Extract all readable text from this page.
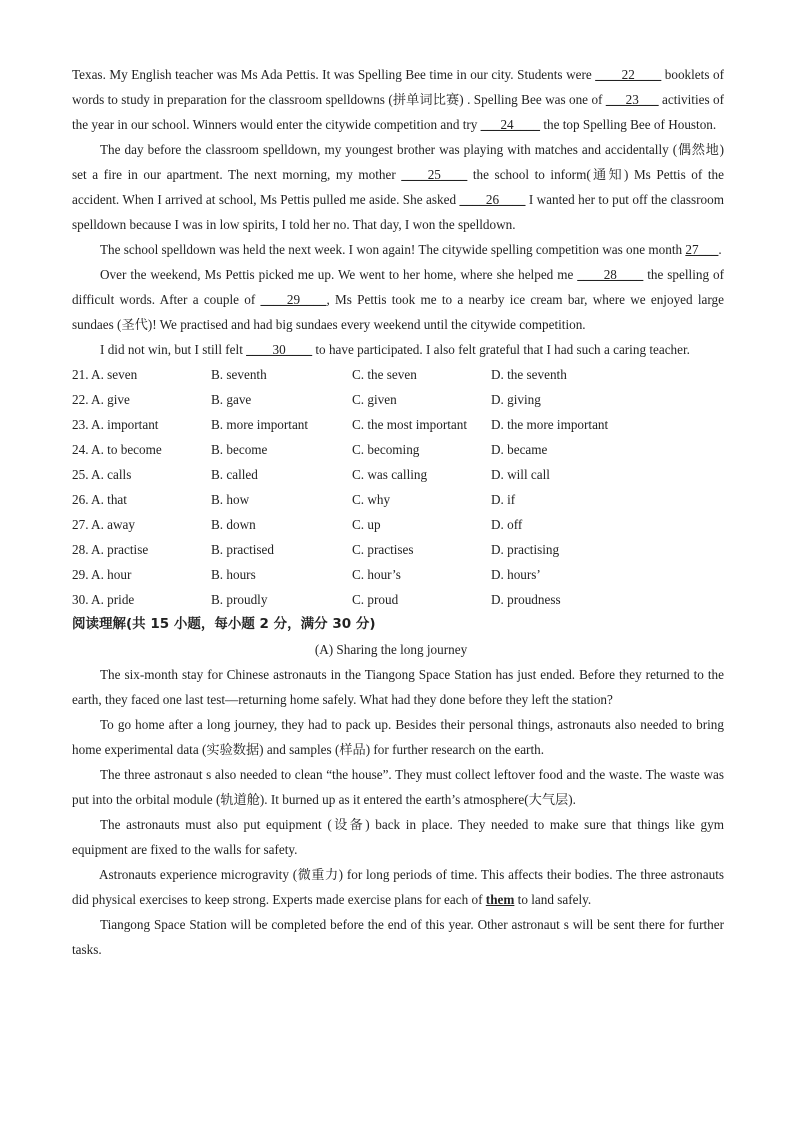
Texas. My English teacher was Ms Ada Pettis. It was Spelling Bee time in our city. Students were ____22____ booklets of words to study in preparation for the classroom spelldowns (拼单词比赛) . Spelling Bee was one of ___23___ activities of the year in our school. Winners would enter the citywide competition and try ___24____ the top Spelling Bee of Houston.

The day before the classroom spelldown, my youngest brother was playing with matches and accidentally (偶然地) set a fire in our apartment. The next morning, my mother ____25____ the school to inform(通知) Ms Pettis of the accident. When I arrived at school, Ms Pettis pulled me aside. She asked ____26____ I wanted her to put off the classroom spelldown because I was in low spirits, I told her no. That day, I won the spelldown.

The school spelldown was held the next week. I won again! The citywide spelling competition was one month 27___.

Over the weekend, Ms Pettis picked me up. We went to her home, where she helped me ____28____ the spelling of difficult words. After a couple of ____29____, Ms Pettis took me to a nearby ice cream bar, where we enjoyed large sundaes (圣代)! We practised and had big sundaes every weekend until the citywide competition.

I did not win, but I still felt ____30____ to have participated. I also felt grateful that I had such a caring teacher.

21. A. seven	B. seventh	C. the seven	D. the seventh
22. A. give	B. gave	C. given	D. giving
23. A. important	B. more important	C. the most important D. the more important
24. A. to become	B. become	C. becoming	D. became
25. A. calls	B. called	C. was calling	D. will call
26. A. that	B. how	C. why	D. if
27. A. away	B. down	C. up	D. off
28. A. practise	B. practised	C. practises	D. practising
29. A. hour	B. hours	C. hour’s	D. hours’
30. A. pride	B. proudly	C. proud	D. proudness
阅读理解(共 15 小题，每小题 2 分，满分 30 分)
(A) Sharing the long journey

The six-month stay for Chinese astronauts in the Tiangong Space Station has just ended. Before they returned to the earth, they faced one last test—returning home safely. What had they done before they left the station?

To go home after a long journey, they had to pack up. Besides their personal things, astronauts also needed to bring home experimental data (实验数据) and samples (样品) for further research on the earth.

The three astronaut s also needed to clean “the house”. They must collect leftover food and the waste. The waste was put into the orbital module (轨道舱). It burned up as it entered the earth’s atmosphere(大气层).

The astronauts must also put equipment (设备) back in place. They needed to make sure that things like gym equipment are fixed to the walls for safety.

Astronauts experience microgravity (微重力) for long periods of time. This affects their bodies. The three astronauts did physical exercises to keep strong. Experts made exercise plans for each of them to land safely.

Tiangong Space Station will be completed before the end of this year. Other astronaut s will be sent there for further tasks.
